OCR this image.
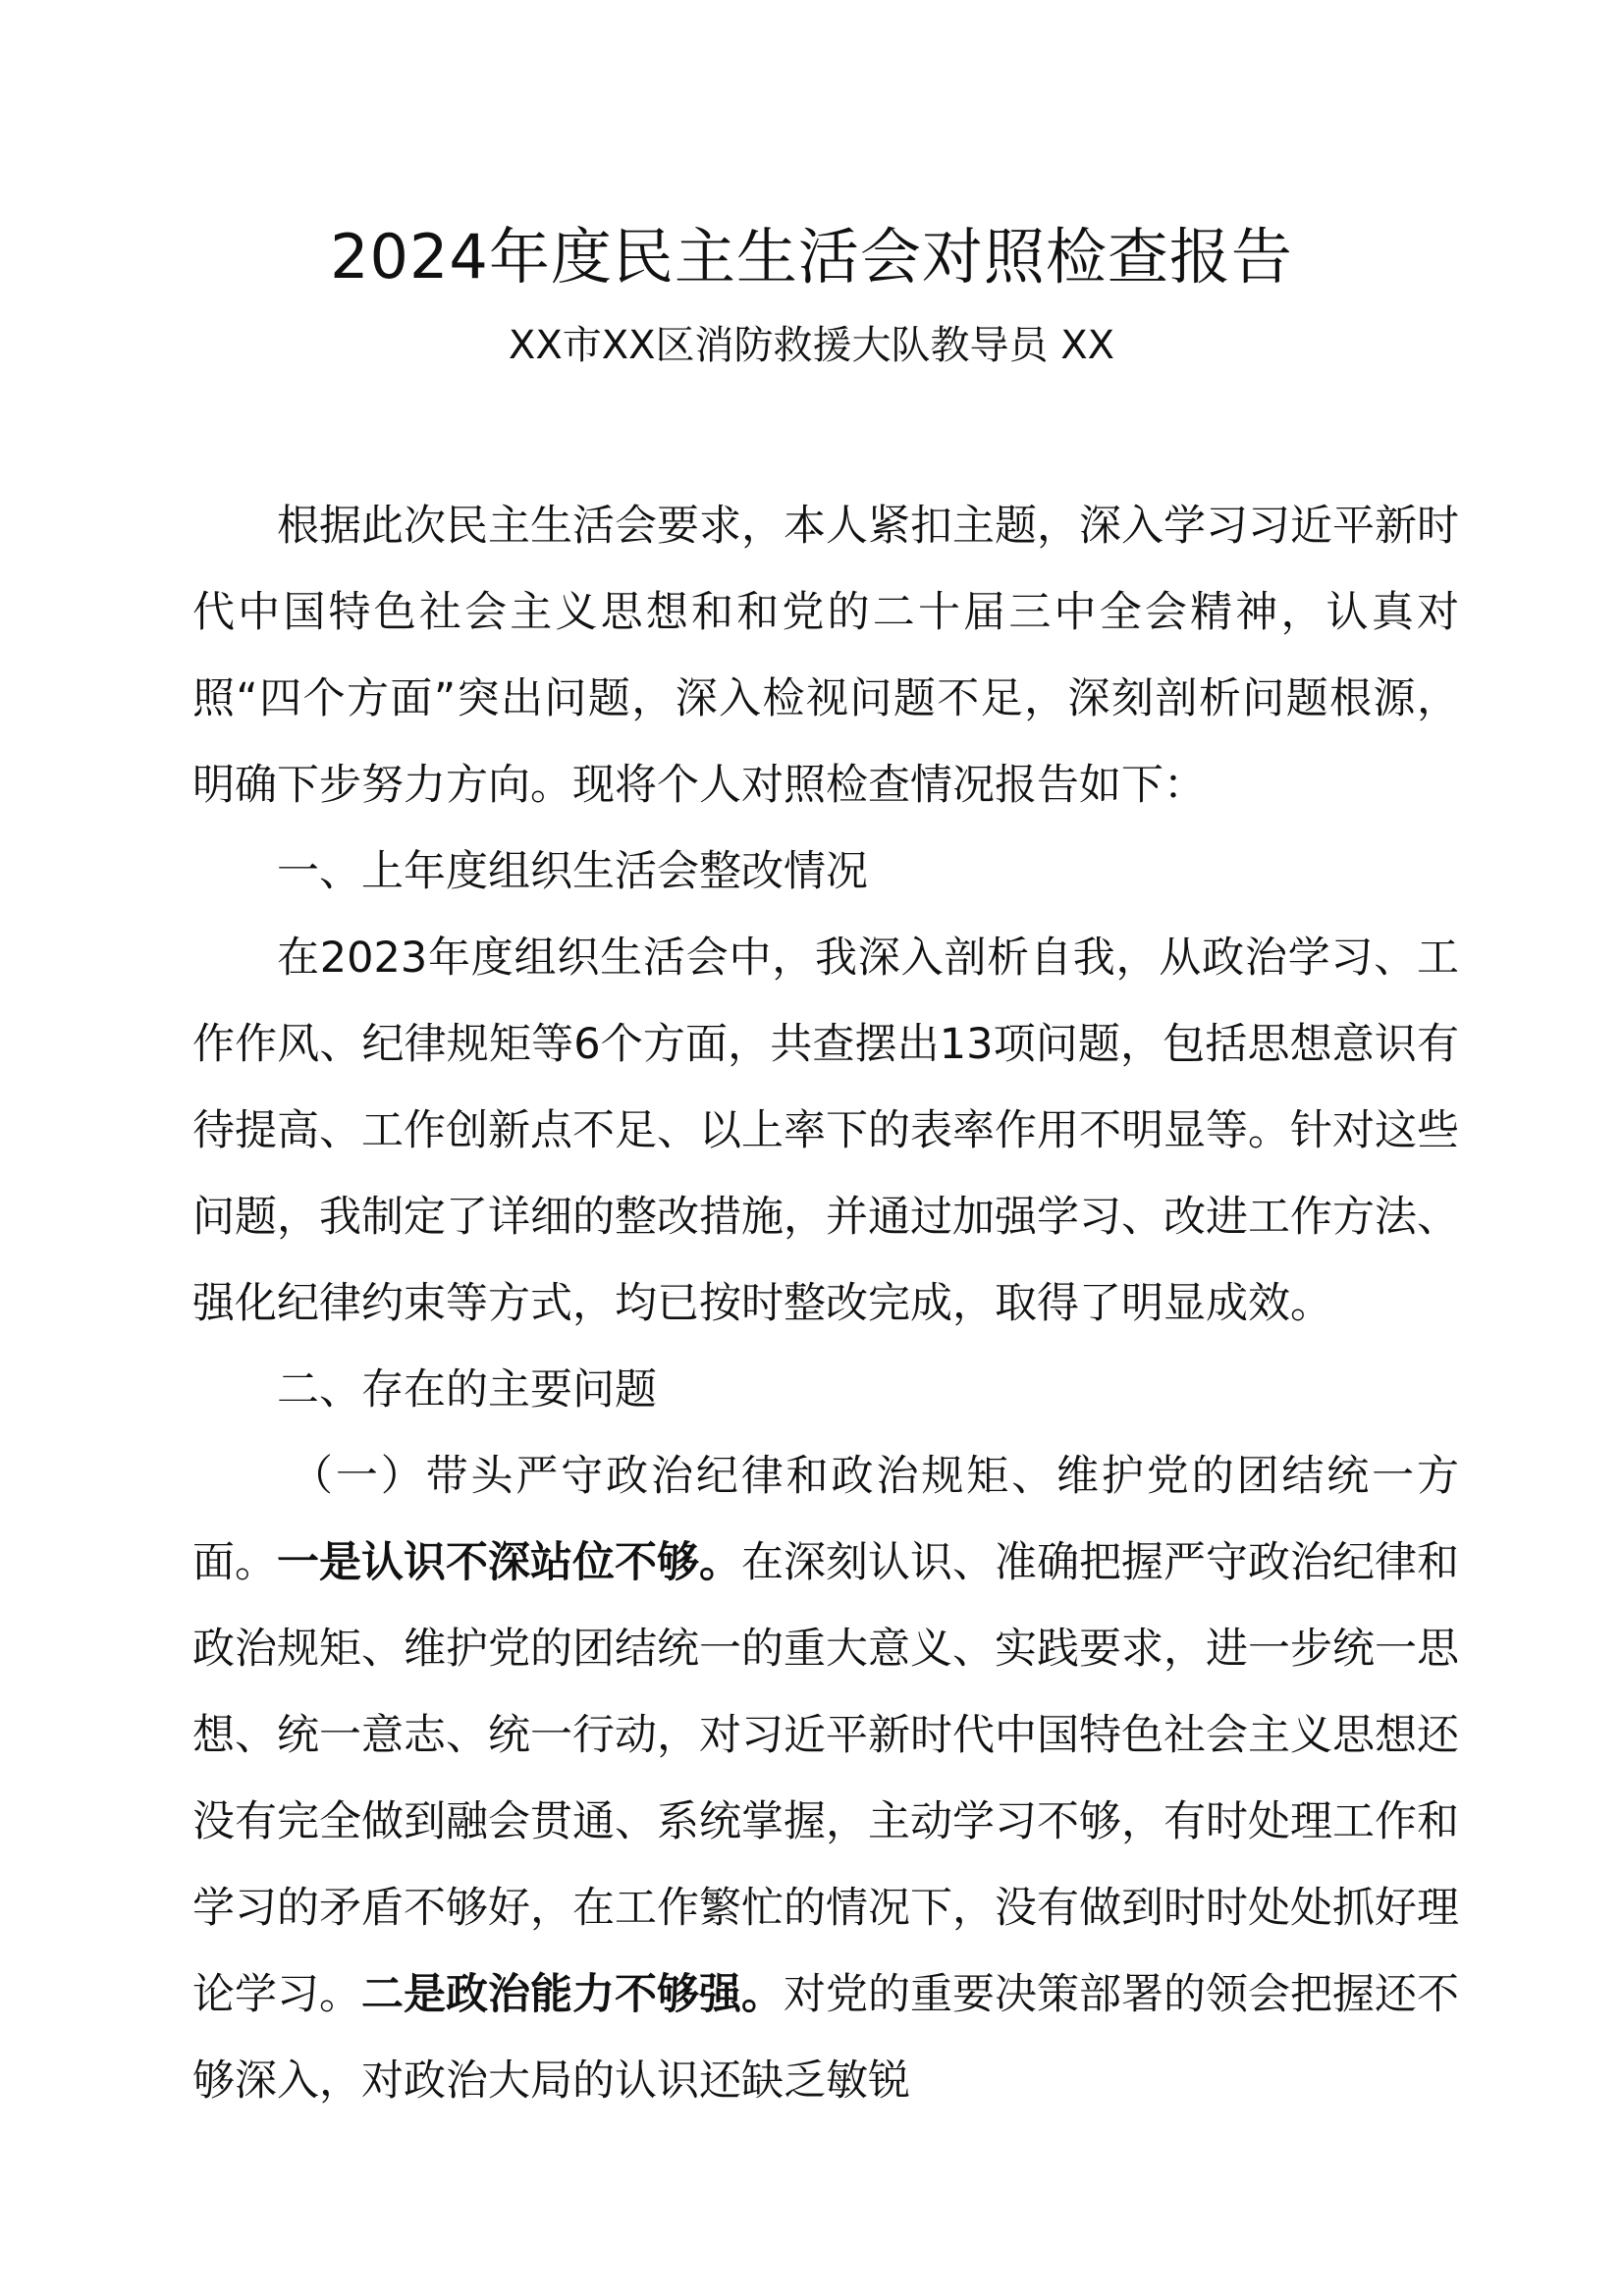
2024年度民主生活会对照检查报告
XX市XX区消防救援大队教导员 XX

根据此次民主生活会要求，本人紧扣主题，深入学习习近平新时代中国特色社会主义思想和和党的二十届三中全会精神，认真对照“四个方面”突出问题，深入检视问题不足，深刻剖析问题根源，明确下步努力方向。现将个人对照检查情况报告如下：

一、上年度组织生活会整改情况

在2023年度组织生活会中，我深入剖析自我，从政治学习、工作作风、纪律规矩等6个方面，共查摆出13项问题，包括思想意识有待提高、工作创新点不足、以上率下的表率作用不明显等。针对这些问题，我制定了详细的整改措施，并通过加强学习、改进工作方法、强化纪律约束等方式，均已按时整改完成，取得了明显成效。

二、存在的主要问题

（一）带头严守政治纪律和政治规矩、维护党的团结统一方面。一是认识不深站位不够。在深刻认识、准确把握严守政治纪律和政治规矩、维护党的团结统一的重大意义、实践要求，进一步统一思想、统一意志、统一行动，对习近平新时代中国特色社会主义思想还没有完全做到融会贯通、系统掌握，主动学习不够，有时处理工作和学习的矛盾不够好，在工作繁忙的情况下，没有做到时时处处抓好理论学习。二是政治能力不够强。对党的重要决策部署的领会把握还不够深入，对政治大局的认识还缺乏敏锐
